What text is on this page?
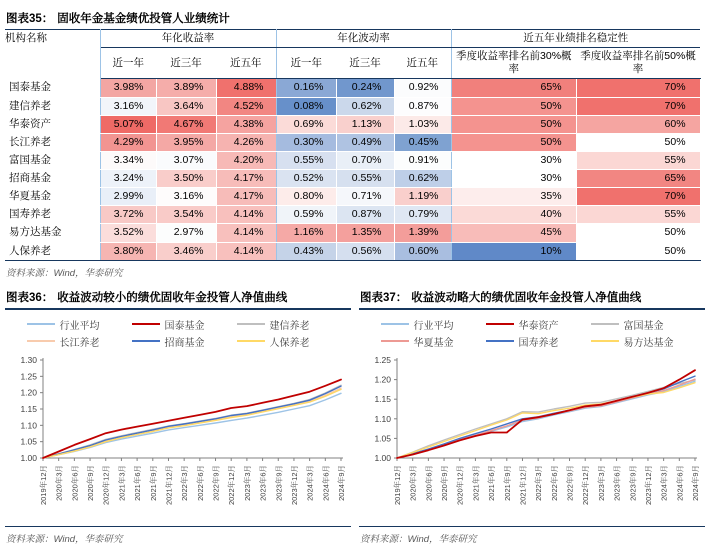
图表35： 固收年金基金绩优投管人业绩统计
机构名称	年化收益率			年化波动率			近五年业绩排名稳定性	
	近一年	近三年	近五年	近一年	近三年	近五年	季度收益率排名前30%概率	季度收益率排名前50%概率
国泰基金	3.98%	3.89%	4.88%	0.16%	0.24%	0.92%	65%	70%
建信养老	3.16%	3.64%	4.52%	0.08%	0.62%	0.87%	50%	70%
华泰资产	5.07%	4.67%	4.38%	0.69%	1.13%	1.03%	50%	60%
长江养老	4.29%	3.95%	4.26%	0.30%	0.49%	0.45%	50%	50%
富国基金	3.34%	3.07%	4.20%	0.55%	0.70%	0.91%	30%	55%
招商基金	3.24%	3.50%	4.17%	0.52%	0.55%	0.62%	30%	65%
华夏基金	2.99%	3.16%	4.17%	0.80%	0.71%	1.19%	35%	70%
国寿养老	3.72%	3.54%	4.14%	0.59%	0.87%	0.79%	40%	55%
易方达基金	3.52%	2.97%	4.14%	1.16%	1.35%	1.39%	45%	50%
人保养老	3.80%	3.46%	4.14%	0.43%	0.56%	0.60%	10%	50%
资料来源：Wind，华泰研究
图表36： 收益波动较小的绩优固收年金投管人净值曲线
行业平均	国泰基金	建信养老
长江养老	招商基金	人保养老
1.00
1.05
1.10
1.15
1.20
1.25
1.30
2019年12月 2020年3月 2020年6月 2020年9月 2020年12月 2021年3月 2021年6月 2021年9月 2021年12月 2022年3月 2022年6月 2022年9月 2022年12月 2023年3月 2023年6月 2023年9月 2023年12月 2024年3月 2024年6月 2024年9月
资料来源：Wind，华泰研究
图表37： 收益波动略大的绩优固收年金投管人净值曲线
行业平均	华泰资产	富国基金
华夏基金	国寿养老	易方达基金
1.00
1.05
1.10
1.15
1.20
1.25
2019年12月 2020年3月 2020年6月 2020年9月 2020年12月 2021年3月 2021年6月 2021年9月 2021年12月 2022年3月 2022年6月 2022年9月 2022年12月 2023年3月 2023年6月 2023年9月 2023年12月 2024年3月 2024年6月 2024年9月
资料来源：Wind，华泰研究
